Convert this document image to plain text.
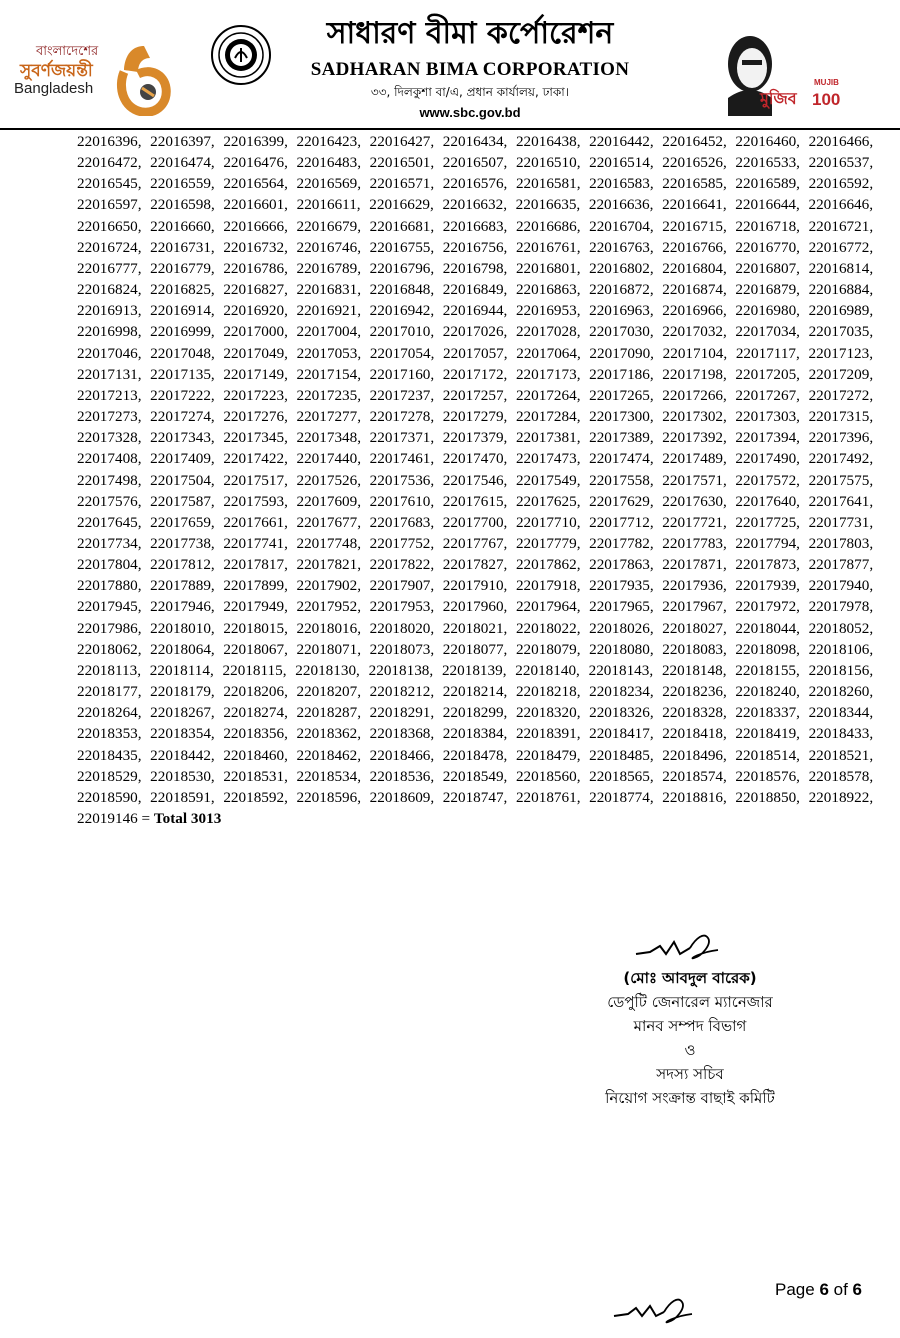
বাংলাদেশের
সুবর্ণজয়ন্তী
Bangladesh
সাধারণ বীমা কর্পোরেশন
SADHARAN BIMA CORPORATION
৩৩, দিলকুশা বা/এ, প্রধান কার্যালয়, ঢাকা।
www.sbc.gov.bd
মুজিব
MUJIB
100
22016396, 22016397, 22016399, 22016423, 22016427, 22016434, 22016438, 22016442, 22016452, 22016460, 22016466, 22016472, 22016474, 22016476, 22016483, 22016501, 22016507, 22016510, 22016514, 22016526, 22016533, 22016537, 22016545, 22016559, 22016564, 22016569, 22016571, 22016576, 22016581, 22016583, 22016585, 22016589, 22016592, 22016597, 22016598, 22016601, 22016611, 22016629, 22016632, 22016635, 22016636, 22016641, 22016644, 22016646, 22016650, 22016660, 22016666, 22016679, 22016681, 22016683, 22016686, 22016704, 22016715, 22016718, 22016721, 22016724, 22016731, 22016732, 22016746, 22016755, 22016756, 22016761, 22016763, 22016766, 22016770, 22016772, 22016777, 22016779, 22016786, 22016789, 22016796, 22016798, 22016801, 22016802, 22016804, 22016807, 22016814, 22016824, 22016825, 22016827, 22016831, 22016848, 22016849, 22016863, 22016872, 22016874, 22016879, 22016884, 22016913, 22016914, 22016920, 22016921, 22016942, 22016944, 22016953, 22016963, 22016966, 22016980, 22016989, 22016998, 22016999, 22017000, 22017004, 22017010, 22017026, 22017028, 22017030, 22017032, 22017034, 22017035, 22017046, 22017048, 22017049, 22017053, 22017054, 22017057, 22017064, 22017090, 22017104, 22017117, 22017123, 22017131, 22017135, 22017149, 22017154, 22017160, 22017172, 22017173, 22017186, 22017198, 22017205, 22017209, 22017213, 22017222, 22017223, 22017235, 22017237, 22017257, 22017264, 22017265, 22017266, 22017267, 22017272, 22017273, 22017274, 22017276, 22017277, 22017278, 22017279, 22017284, 22017300, 22017302, 22017303, 22017315, 22017328, 22017343, 22017345, 22017348, 22017371, 22017379, 22017381, 22017389, 22017392, 22017394, 22017396, 22017408, 22017409, 22017422, 22017440, 22017461, 22017470, 22017473, 22017474, 22017489, 22017490, 22017492, 22017498, 22017504, 22017517, 22017526, 22017536, 22017546, 22017549, 22017558, 22017571, 22017572, 22017575, 22017576, 22017587, 22017593, 22017609, 22017610, 22017615, 22017625, 22017629, 22017630, 22017640, 22017641, 22017645, 22017659, 22017661, 22017677, 22017683, 22017700, 22017710, 22017712, 22017721, 22017725, 22017731, 22017734, 22017738, 22017741, 22017748, 22017752, 22017767, 22017779, 22017782, 22017783, 22017794, 22017803, 22017804, 22017812, 22017817, 22017821, 22017822, 22017827, 22017862, 22017863, 22017871, 22017873, 22017877, 22017880, 22017889, 22017899, 22017902, 22017907, 22017910, 22017918, 22017935, 22017936, 22017939, 22017940, 22017945, 22017946, 22017949, 22017952, 22017953, 22017960, 22017964, 22017965, 22017967, 22017972, 22017978, 22017986, 22018010, 22018015, 22018016, 22018020, 22018021, 22018022, 22018026, 22018027, 22018044, 22018052, 22018062, 22018064, 22018067, 22018071, 22018073, 22018077, 22018079, 22018080, 22018083, 22018098, 22018106, 22018113, 22018114, 22018115, 22018130, 22018138, 22018139, 22018140, 22018143, 22018148, 22018155, 22018156, 22018177, 22018179, 22018206, 22018207, 22018212, 22018214, 22018218, 22018234, 22018236, 22018240, 22018260, 22018264, 22018267, 22018274, 22018287, 22018291, 22018299, 22018320, 22018326, 22018328, 22018337, 22018344, 22018353, 22018354, 22018356, 22018362, 22018368, 22018384, 22018391, 22018417, 22018418, 22018419, 22018433, 22018435, 22018442, 22018460, 22018462, 22018466, 22018478, 22018479, 22018485, 22018496, 22018514, 22018521, 22018529, 22018530, 22018531, 22018534, 22018536, 22018549, 22018560, 22018565, 22018574, 22018576, 22018578, 22018590, 22018591, 22018592, 22018596, 22018609, 22018747, 22018761, 22018774, 22018816, 22018850, 22018922, 22019146 = Total 3013
(মোঃ আবদুল বারেক)
ডেপুটি জেনারেল ম্যানেজার
মানব সম্পদ বিভাগ
ও
সদস্য সচিব
নিয়োগ সংক্রান্ত বাছাই কমিটি
Page 6 of 6
